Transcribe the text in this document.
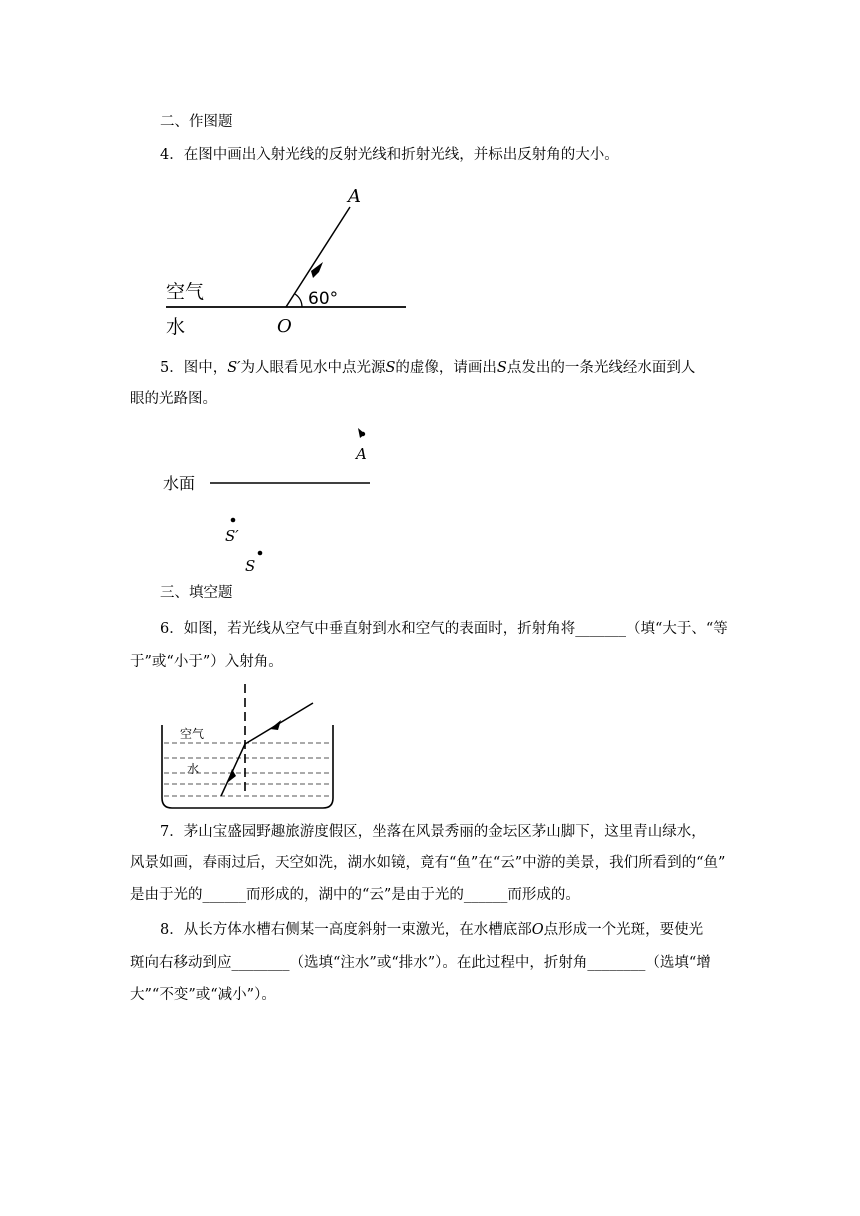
二、作图题
4．在图中画出入射光线的反射光线和折射光线，并标出反射角的大小。
A
空气
水	O
60°
5．图中，S′为人眼看见水中点光源S的虚像，请画出S点发出的一条光线经水面到人
眼的光路图。
水面
A
S′
S
三、填空题
6．如图，若光线从空气中垂直射到水和空气的表面时，折射角将_______（填“大于、“等
于”或“小于”）入射角。
空气
水
7．茅山宝盛园野趣旅游度假区，坐落在风景秀丽的金坛区茅山脚下，这里青山绿水，
风景如画，春雨过后，天空如洗，湖水如镜，竟有“鱼”在“云”中游的美景，我们所看到的“鱼”
是由于光的______而形成的，湖中的“云”是由于光的______而形成的。
8．从长方体水槽右侧某一高度斜射一束激光，在水槽底部O点形成一个光斑，要使光
斑向右移动到应________（选填“注水”或“排水”）。在此过程中，折射角________（选填“增
大”“不变”或“减小”）。
